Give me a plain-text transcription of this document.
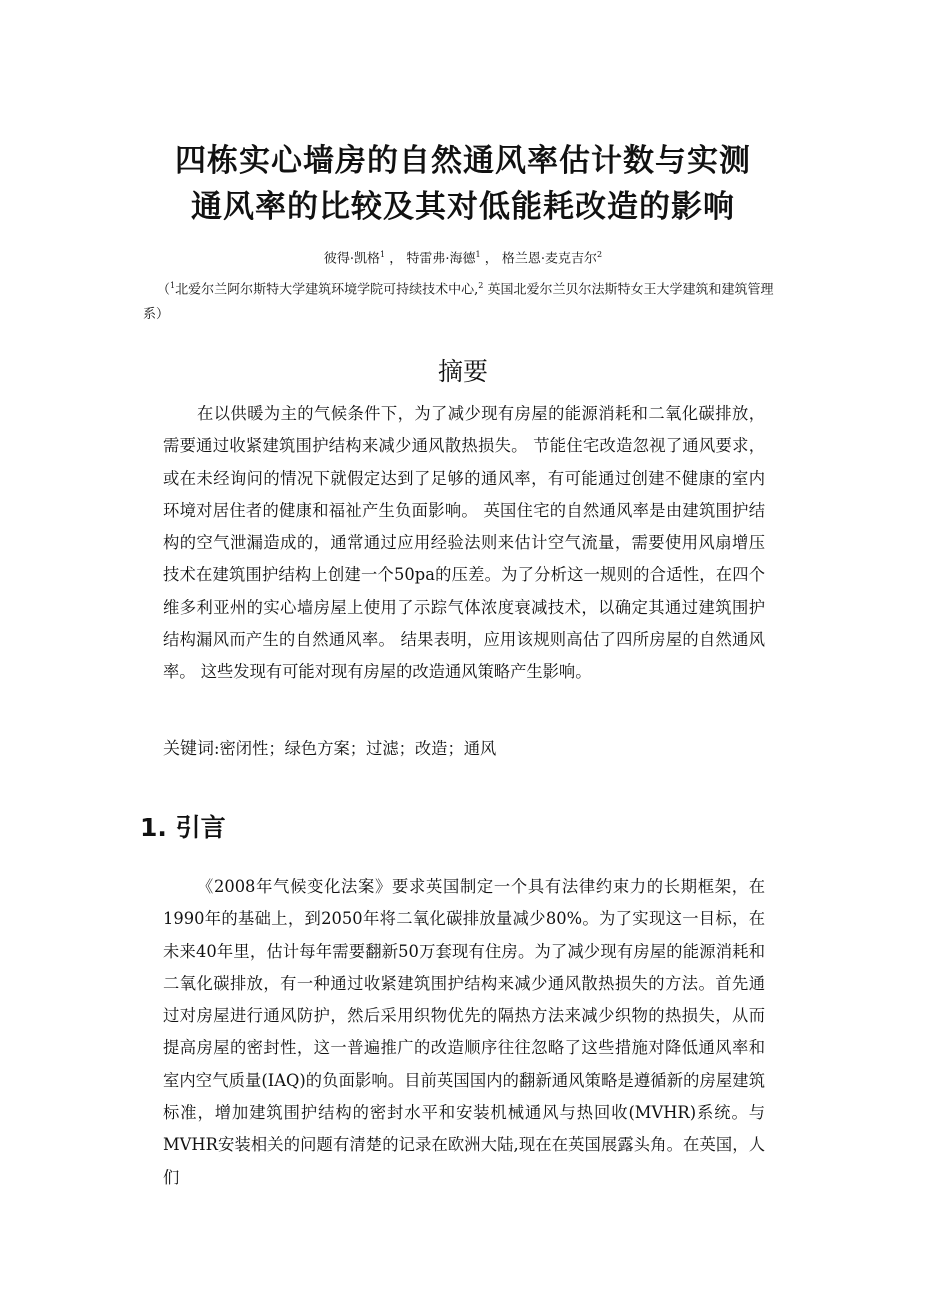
四栋实心墙房的自然通风率估计数与实测
通风率的比较及其对低能耗改造的影响
彼得·凯格$^1$ ， 特雷弗·海德$^1$ ， 格兰恩·麦克吉尔$^2$
（$^1$北爱尔兰阿尔斯特大学建筑环境学院可持续技术中心,$^2$ 英国北爱尔兰贝尔法斯特女王大学建筑和建筑管理系）
摘要

在以供暖为主的气候条件下，为了减少现有房屋的能源消耗和二氧化碳排放，需要通过收紧建筑围护结构来减少通风散热损失。 节能住宅改造忽视了通风要求，或在未经询问的情况下就假定达到了足够的通风率，有可能通过创建不健康的室内环境对居住者的健康和福祉产生负面影响。 英国住宅的自然通风率是由建筑围护结构的空气泄漏造成的，通常通过应用经验法则来估计空气流量，需要使用风扇增压技术在建筑围护结构上创建一个50pa的压差。为了分析这一规则的合适性，在四个维多利亚州的实心墙房屋上使用了示踪气体浓度衰减技术，以确定其通过建筑围护结构漏风而产生的自然通风率。 结果表明，应用该规则高估了四所房屋的自然通风率。 这些发现有可能对现有房屋的改造通风策略产生影响。

关键词:密闭性；绿色方案；过滤；改造；通风
1. 引言

《2008年气候变化法案》要求英国制定一个具有法律约束力的长期框架，在1990年的基础上，到2050年将二氧化碳排放量减少80%。为了实现这一目标，在未来40年里，估计每年需要翻新50万套现有住房。为了减少现有房屋的能源消耗和二氧化碳排放，有一种通过收紧建筑围护结构来减少通风散热损失的方法。首先通过对房屋进行通风防护，然后采用织物优先的隔热方法来减少织物的热损失，从而提高房屋的密封性，这一普遍推广的改造顺序往往忽略了这些措施对降低通风率和室内空气质量(IAQ)的负面影响。目前英国国内的翻新通风策略是遵循新的房屋建筑标准，增加建筑围护结构的密封水平和安装机械通风与热回收(MVHR)系统。与MVHR安装相关的问题有清楚的记录在欧洲大陆,现在在英国展露头角。在英国，人们
